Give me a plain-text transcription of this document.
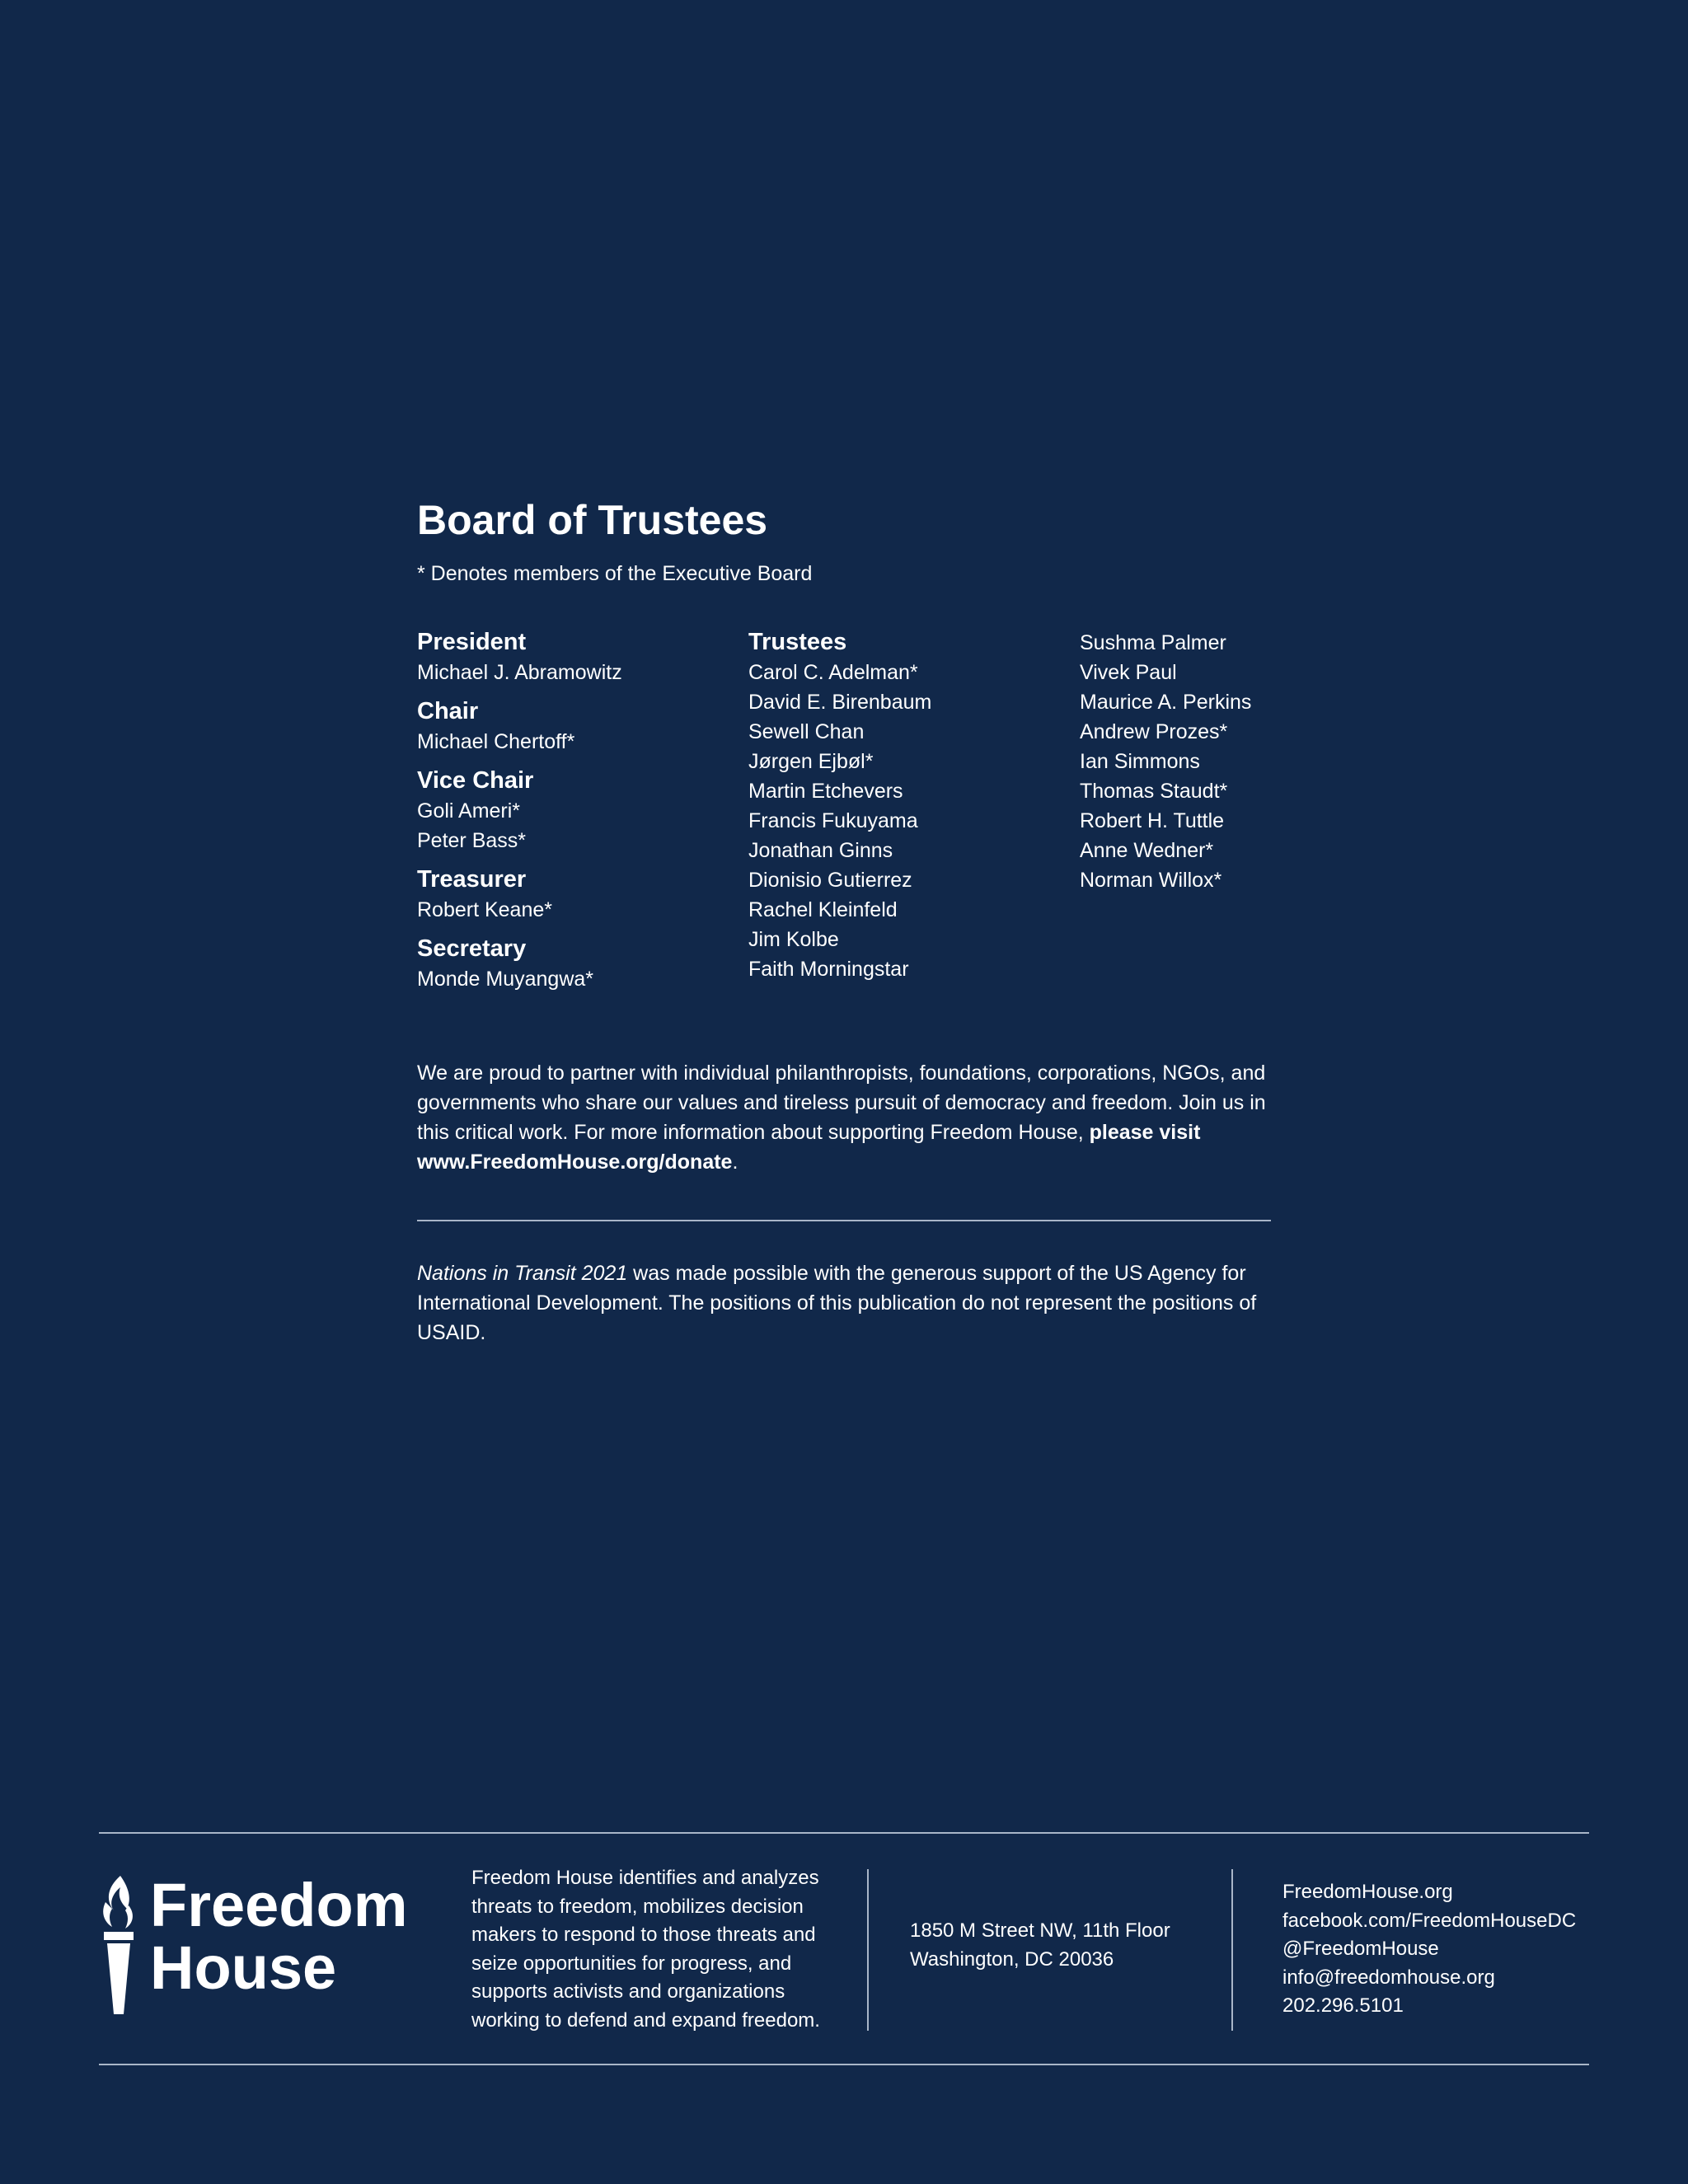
Board of Trustees
* Denotes members of the Executive Board
President
Michael J. Abramowitz
Chair
Michael Chertoff*
Vice Chair
Goli Ameri*
Peter Bass*
Treasurer
Robert Keane*
Secretary
Monde Muyangwa*
Trustees
Carol C. Adelman*
David E. Birenbaum
Sewell Chan
Jørgen Ejbøl*
Martin Etchevers
Francis Fukuyama
Jonathan Ginns
Dionisio Gutierrez
Rachel Kleinfeld
Jim Kolbe
Faith Morningstar
Sushma Palmer
Vivek Paul
Maurice A. Perkins
Andrew Prozes*
Ian Simmons
Thomas Staudt*
Robert H. Tuttle
Anne Wedner*
Norman Willox*
We are proud to partner with individual philanthropists, foundations, corporations, NGOs, and governments who share our values and tireless pursuit of democracy and freedom. Join us in this critical work. For more information about supporting Freedom House, please visit www.FreedomHouse.org/donate.
Nations in Transit 2021 was made possible with the generous support of the US Agency for International Development. The positions of this publication do not represent the positions of USAID.
Freedom
House
Freedom House identifies and analyzes
threats to freedom, mobilizes decision
makers to respond to those threats and
seize opportunities for progress, and
supports activists and organizations
working to defend and expand freedom.
1850 M Street NW, 11th Floor
Washington, DC 20036
FreedomHouse.org
facebook.com/FreedomHouseDC
@FreedomHouse
info@freedomhouse.org
202.296.5101
